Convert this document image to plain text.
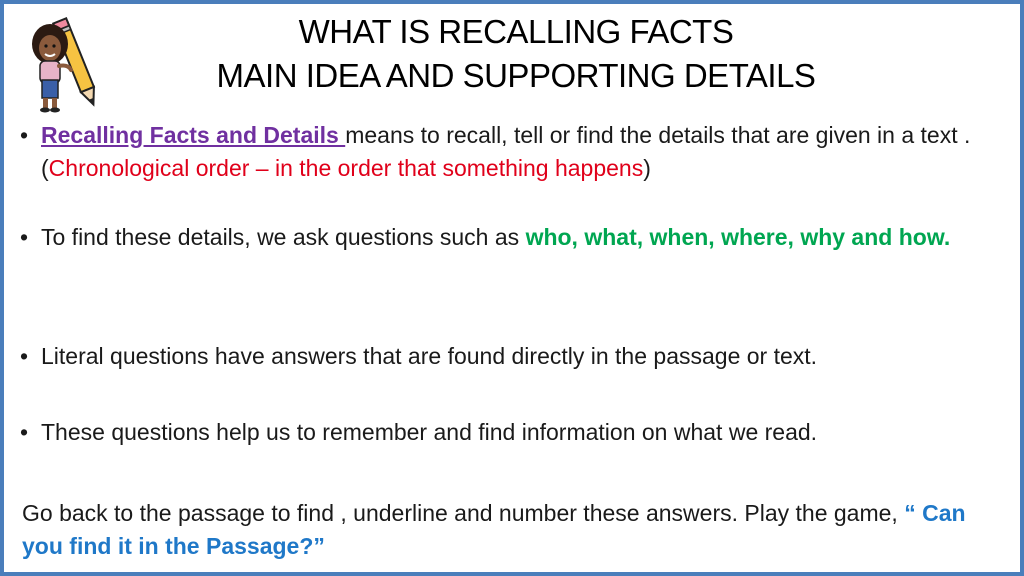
WHAT IS RECALLING FACTS
MAIN IDEA AND SUPPORTING DETAILS
• Recalling Facts and Details means to recall, tell or find the details that are given in a text .(Chronological order – in the order that something happens)
• To find these details, we ask questions such as who, what, when, where, why and how.
• Literal questions have answers that are found directly in the passage or text.
• These questions help us to remember and find information on what we read.
Go back to the passage to find , underline and number these answers. Play the game, “ Can you find it in the Passage?”
